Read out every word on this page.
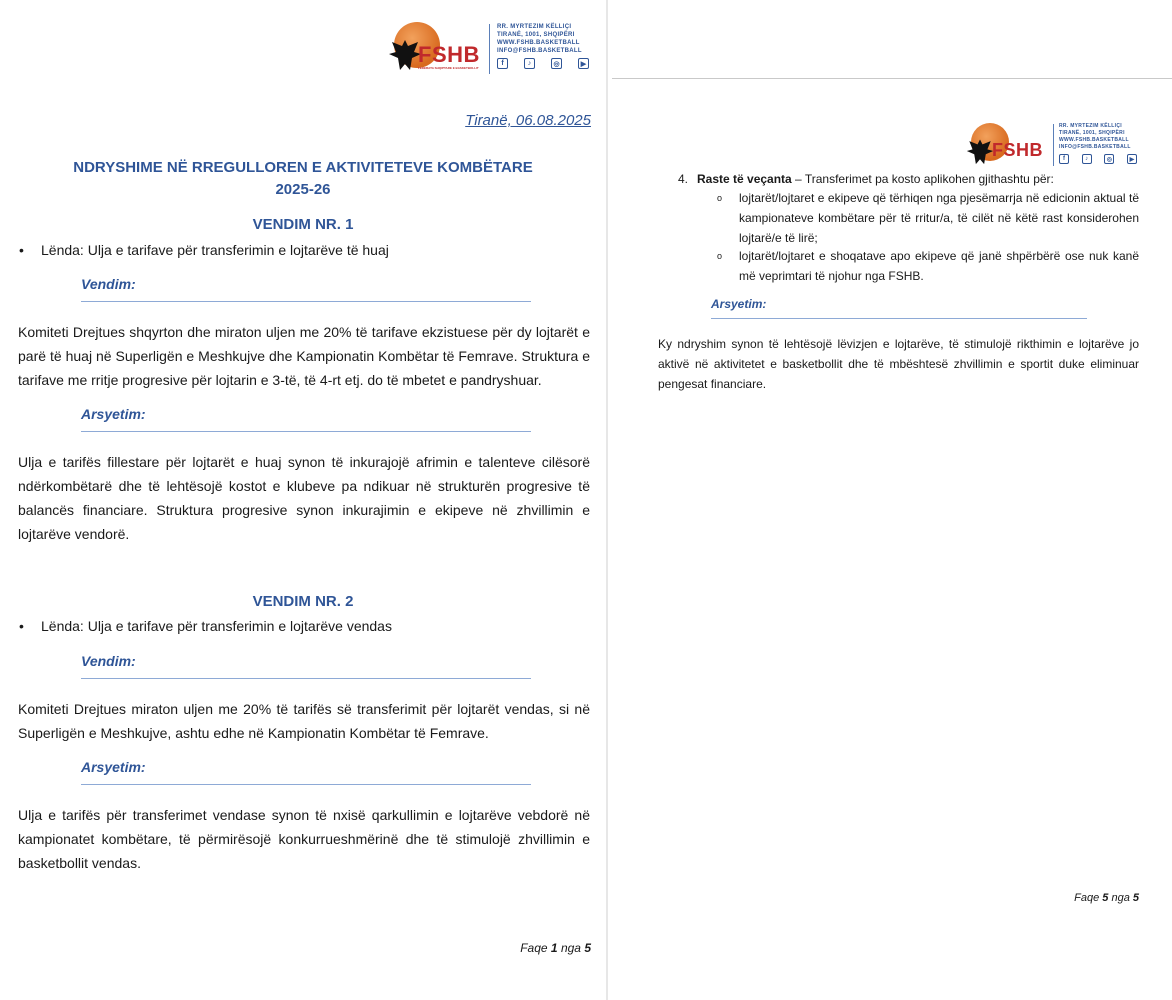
FSHB
FEDERATA SHQIPTARE E BASKETBOLLIT
RR. MYRTEZIM KËLLIÇI
TIRANË, 1001, SHQIPËRI
WWW.FSHB.BASKETBALL
INFO@FSHB.BASKETBALL
f	♪	◎	▶
Tiranë, 06.08.2025
NDRYSHIME NË RREGULLOREN E AKTIVITETEVE KOMBËTARE
2025-26
VENDIM NR. 1
• Lënda: Ulja e tarifave për transferimin e lojtarëve të huaj
Vendim:
Komiteti Drejtues shqyrton dhe miraton uljen me 20% të tarifave ekzistuese për dy lojtarët e parë të huaj në Superligën e Meshkujve dhe Kampionatin Kombëtar të Femrave. Struktura e tarifave me rritje progresive për lojtarin e 3-të, të 4-rt etj. do të mbetet e pandryshuar.
Arsyetim:
Ulja e tarifës fillestare për lojtarët e huaj synon të inkurajojë afrimin e talenteve cilësorë ndërkombëtarë dhe të lehtësojë kostot e klubeve pa ndikuar në strukturën progresive të balancës financiare. Struktura progresive synon inkurajimin e ekipeve në zhvillimin e lojtarëve vendorë.
VENDIM NR. 2
• Lënda: Ulja e tarifave për transferimin e lojtarëve vendas
Vendim:
Komiteti Drejtues miraton uljen me 20% të tarifës së transferimit për lojtarët vendas, si në Superligën e Meshkujve, ashtu edhe në Kampionatin Kombëtar të Femrave.
Arsyetim:
Ulja e tarifës për transferimet vendase synon të nxisë qarkullimin e lojtarëve vebdorë në kampionatet kombëtare, të përmirësojë konkurrueshmërinë dhe të stimulojë zhvillimin e basketbollit vendas.
Faqe 1 nga 5
FSHB
RR. MYRTEZIM KËLLIÇI
TIRANË, 1001, SHQIPËRI
WWW.FSHB.BASKETBALL
INFO@FSHB.BASKETBALL
f	♪	◎	▶
4. Raste të veçanta – Transferimet pa kosto aplikohen gjithashtu për:
o lojtarët/lojtaret e ekipeve që tërhiqen nga pjesëmarrja në edicionin aktual të kampionateve kombëtare për të rritur/a, të cilët në këtë rast konsiderohen lojtarë/e të lirë;
o lojtarët/lojtaret e shoqatave apo ekipeve që janë shpërbërë ose nuk kanë më veprimtari të njohur nga FSHB.
Arsyetim:
Ky ndryshim synon të lehtësojë lëvizjen e lojtarëve, të stimulojë rikthimin e lojtarëve jo aktivë në aktivitetet e basketbollit dhe të mbështesë zhvillimin e sportit duke eliminuar pengesat financiare.
Faqe 5 nga 5
